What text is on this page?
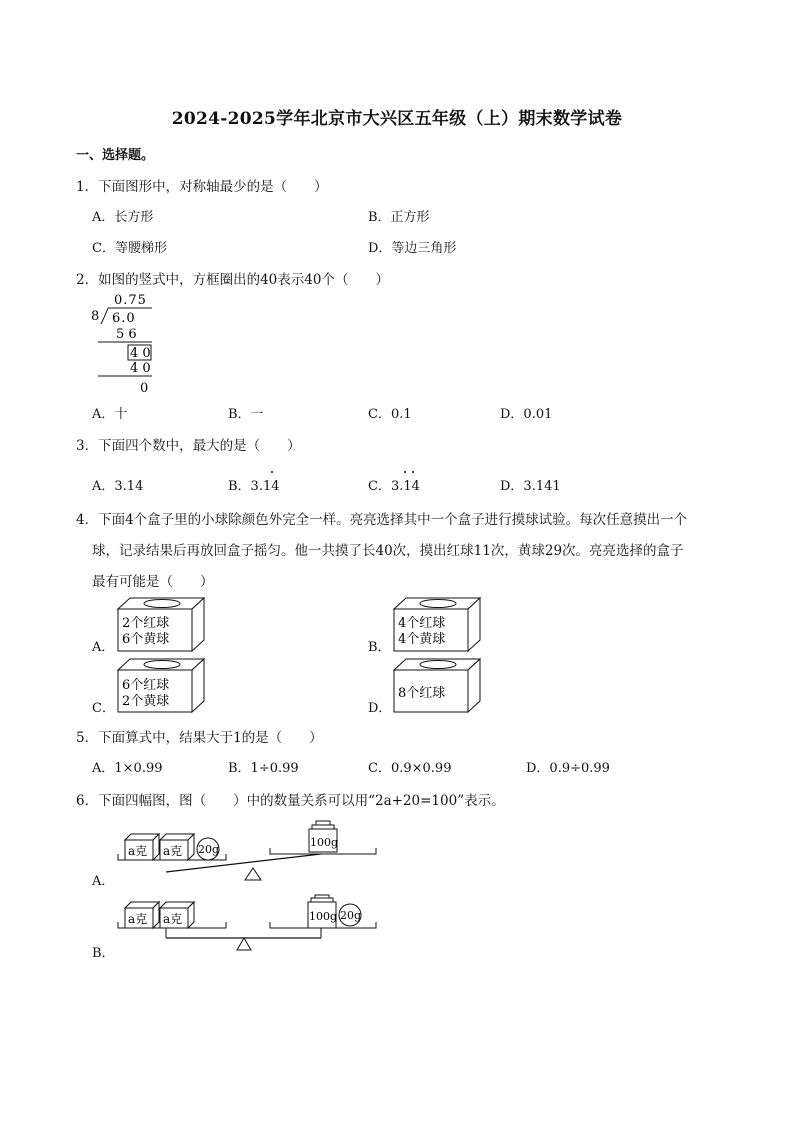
2024-2025学年北京市大兴区五年级（上）期末数学试卷
一、选择题。
1．下面图形中，对称轴最少的是（　　）
A．长方形	B．正方形
C．等腰梯形	D．等边三角形
2．如图的竖式中，方框圈出的40表示40个（　　）
0.75
8 6.0
5 6
4 0
4 0
0
A．十	B．一	C．0.1	D．0.01
3．下面四个数中，最大的是（　　）
A．3.14	B．3.14	C．3.14	D．3.141
4．下面4个盒子里的小球除颜色外完全一样。亮亮选择其中一个盒子进行摸球试验。每次任意摸出一个
球，记录结果后再放回盒子摇匀。他一共摸了长40次，摸出红球11次，黄球29次。亮亮选择的盒子
最有可能是（　　）
A．
2个红球
6个黄球
B．
4个红球
4个黄球
C．
6个红球
2个黄球	D．
8个红球
5．下面算式中，结果大于1的是（　　）
A．1×0.99	B．1÷0.99	C．0.9×0.99	D．0.9÷0.99
6．下面四幅图，图（　　）中的数量关系可以用“2a+20=100”表示。
A．
a克 a克 20g
100g
B．
a克 a克	100g 20g
